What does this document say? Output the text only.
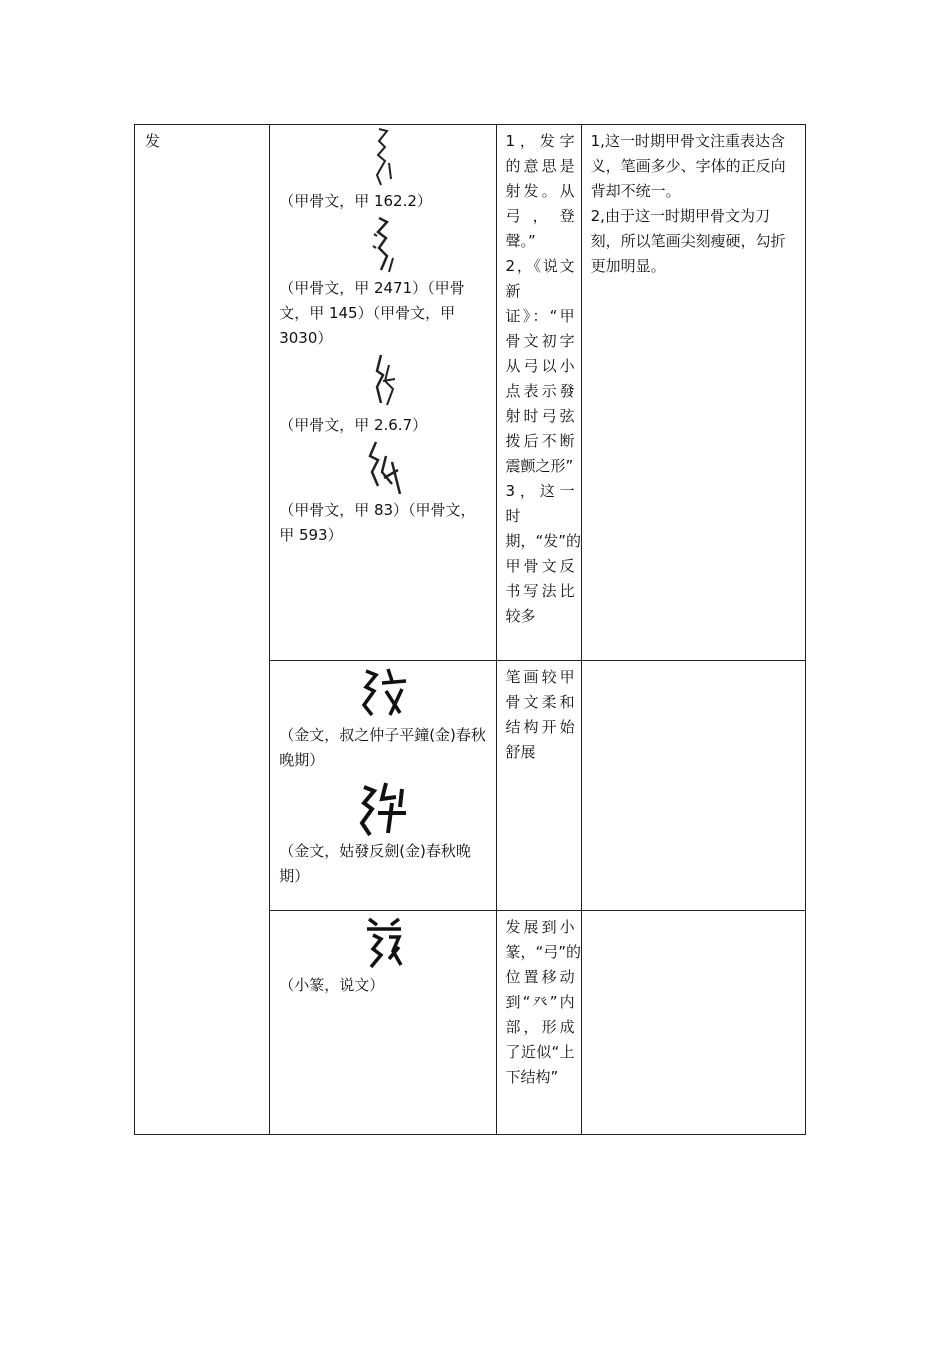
发	（甲骨文，甲 162.2）
（甲骨文，甲 2471）（甲骨文，甲 145）（甲骨文，甲 3030）
（甲骨文，甲 2.6.7）
（甲骨文，甲 83）（甲骨文，甲 593）	1，发字的意思是射发。从弓，登聲。”
2，《说文新证》：“甲骨文初字从弓以小点表示發射时弓弦拨后不断震颤之形”
3，这一时期，“发”的甲骨文反书写法比较多	1,这一时期甲骨文注重表达含义，笔画多少、字体的正反向背却不统一。
2,由于这一时期甲骨文为刀刻，所以笔画尖刻瘦硬，勾折更加明显。

	（金文，叔之仲子平鐘(金)春秋晚期）
（金文，姑發反劍(金)春秋晚期）	笔画较甲骨文柔和结构开始舒展	

	（小篆，说文）	发展到小篆，“弓”的位置移动到“癶”内部，形成了近似“上下结构”	
